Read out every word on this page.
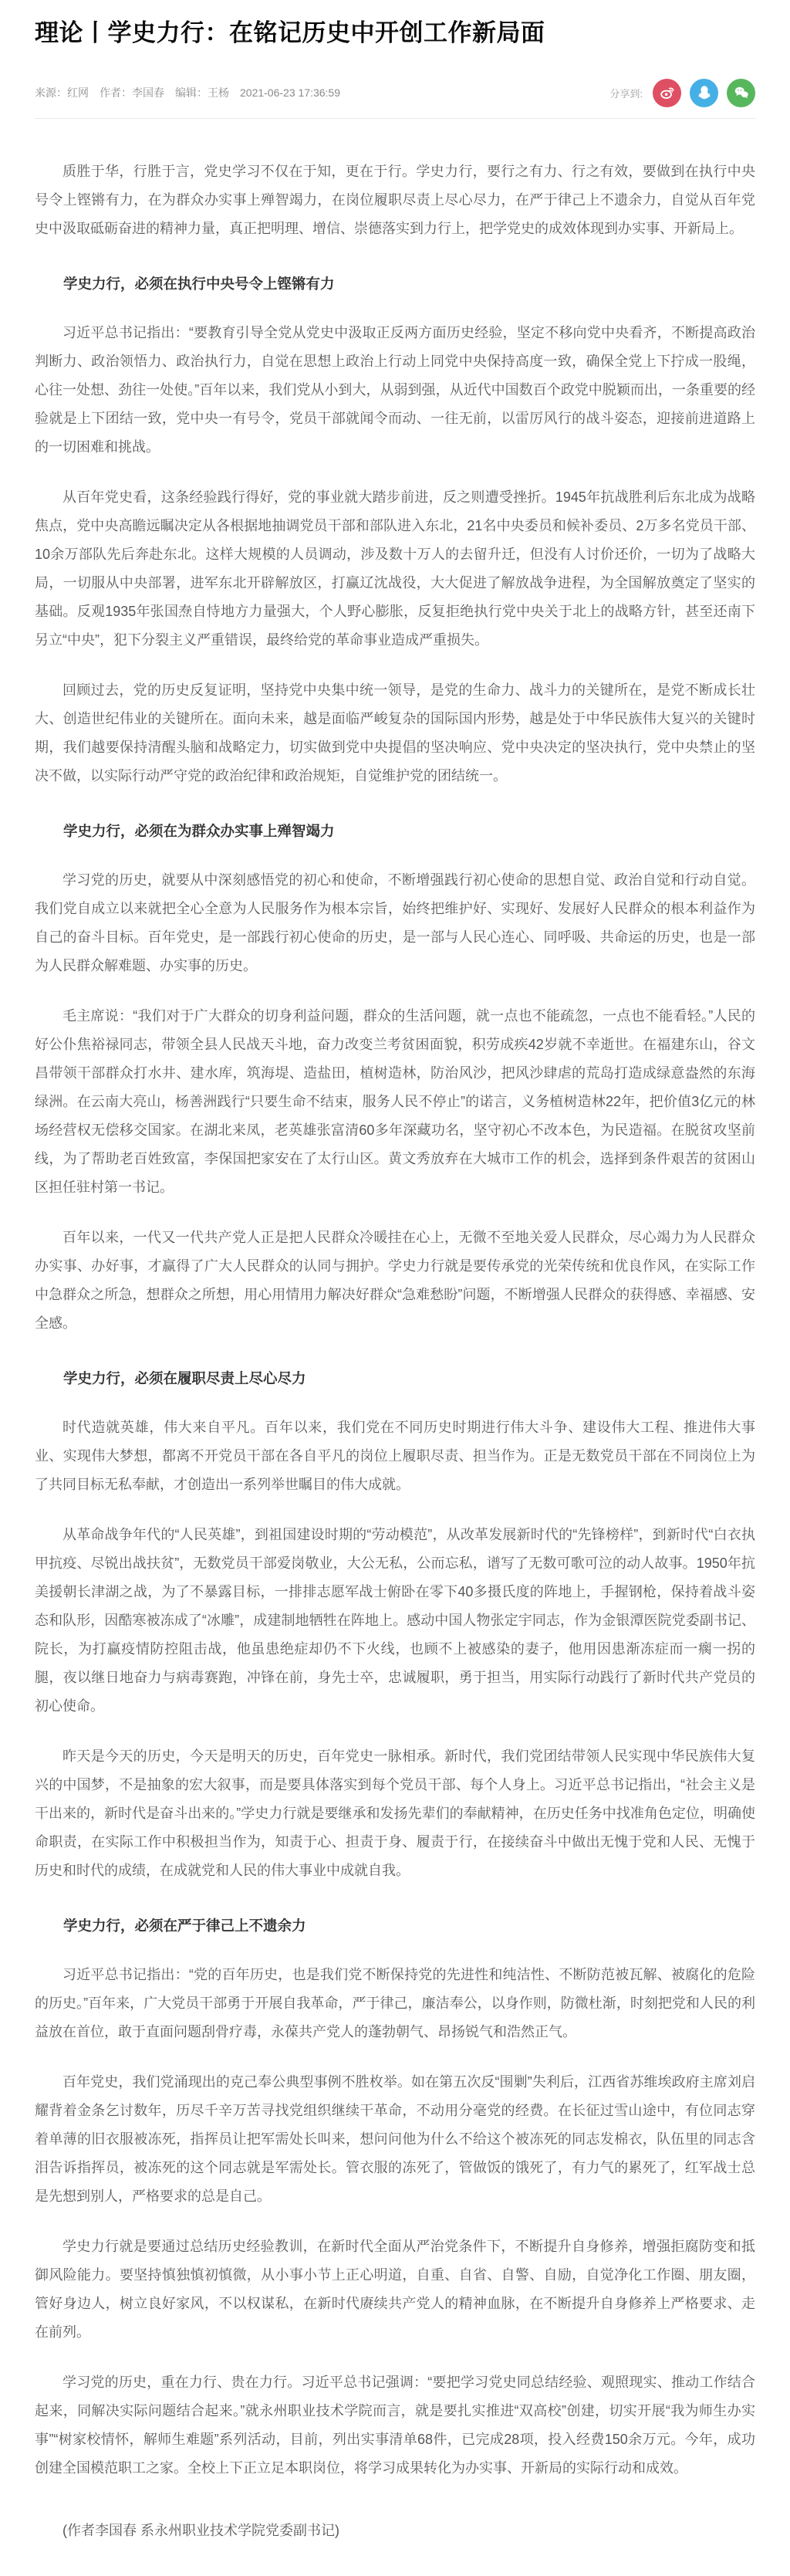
理论丨学史力行：在铭记历史中开创工作新局面
来源：红网 作者：李国春 编辑：王杨 2021-06-23 17:36:59	分享到:

质胜于华，行胜于言，党史学习不仅在于知，更在于行。学史力行，要行之有力、行之有效，要做到在执行中央号令上铿锵有力，在为群众办实事上殚智竭力，在岗位履职尽责上尽心尽力，在严于律己上不遗余力，自觉从百年党史中汲取砥砺奋进的精神力量，真正把明理、增信、崇德落实到力行上，把学党史的成效体现到办实事、开新局上。

学史力行，必须在执行中央号令上铿锵有力

习近平总书记指出：“要教育引导全党从党史中汲取正反两方面历史经验，坚定不移向党中央看齐，不断提高政治判断力、政治领悟力、政治执行力，自觉在思想上政治上行动上同党中央保持高度一致，确保全党上下拧成一股绳，心往一处想、劲往一处使。”百年以来，我们党从小到大，从弱到强，从近代中国数百个政党中脱颖而出，一条重要的经验就是上下团结一致，党中央一有号令，党员干部就闻令而动、一往无前，以雷厉风行的战斗姿态，迎接前进道路上的一切困难和挑战。

从百年党史看，这条经验践行得好，党的事业就大踏步前进，反之则遭受挫折。1945年抗战胜利后东北成为战略焦点，党中央高瞻远瞩决定从各根据地抽调党员干部和部队进入东北，21名中央委员和候补委员、2万多名党员干部、10余万部队先后奔赴东北。这样大规模的人员调动，涉及数十万人的去留升迁，但没有人讨价还价，一切为了战略大局，一切服从中央部署，进军东北开辟解放区，打赢辽沈战役，大大促进了解放战争进程，为全国解放奠定了坚实的基础。反观1935年张国焘自恃地方力量强大，个人野心膨胀，反复拒绝执行党中央关于北上的战略方针，甚至还南下另立“中央”，犯下分裂主义严重错误，最终给党的革命事业造成严重损失。

回顾过去，党的历史反复证明，坚持党中央集中统一领导，是党的生命力、战斗力的关键所在，是党不断成长壮大、创造世纪伟业的关键所在。面向未来，越是面临严峻复杂的国际国内形势，越是处于中华民族伟大复兴的关键时期，我们越要保持清醒头脑和战略定力，切实做到党中央提倡的坚决响应、党中央决定的坚决执行，党中央禁止的坚决不做，以实际行动严守党的政治纪律和政治规矩，自觉维护党的团结统一。

学史力行，必须在为群众办实事上殚智竭力

学习党的历史，就要从中深刻感悟党的初心和使命，不断增强践行初心使命的思想自觉、政治自觉和行动自觉。我们党自成立以来就把全心全意为人民服务作为根本宗旨，始终把维护好、实现好、发展好人民群众的根本利益作为自己的奋斗目标。百年党史，是一部践行初心使命的历史，是一部与人民心连心、同呼吸、共命运的历史，也是一部为人民群众解难题、办实事的历史。

毛主席说：“我们对于广大群众的切身利益问题，群众的生活问题，就一点也不能疏忽，一点也不能看轻。”人民的好公仆焦裕禄同志，带领全县人民战天斗地，奋力改变兰考贫困面貌，积劳成疾42岁就不幸逝世。在福建东山，谷文昌带领干部群众打水井、建水库，筑海堤、造盐田，植树造林，防治风沙，把风沙肆虐的荒岛打造成绿意盎然的东海绿洲。在云南大亮山，杨善洲践行“只要生命不结束，服务人民不停止”的诺言，义务植树造林22年，把价值3亿元的林场经营权无偿移交国家。在湖北来凤，老英雄张富清60多年深藏功名，坚守初心不改本色，为民造福。在脱贫攻坚前线，为了帮助老百姓致富，李保国把家安在了太行山区。黄文秀放弃在大城市工作的机会，选择到条件艰苦的贫困山区担任驻村第一书记。

百年以来，一代又一代共产党人正是把人民群众冷暖挂在心上，无微不至地关爱人民群众，尽心竭力为人民群众办实事、办好事，才赢得了广大人民群众的认同与拥护。学史力行就是要传承党的光荣传统和优良作风，在实际工作中急群众之所急，想群众之所想，用心用情用力解决好群众“急难愁盼”问题，不断增强人民群众的获得感、幸福感、安全感。

学史力行，必须在履职尽责上尽心尽力

时代造就英雄，伟大来自平凡。百年以来，我们党在不同历史时期进行伟大斗争、建设伟大工程、推进伟大事业、实现伟大梦想，都离不开党员干部在各自平凡的岗位上履职尽责、担当作为。正是无数党员干部在不同岗位上为了共同目标无私奉献，才创造出一系列举世瞩目的伟大成就。

从革命战争年代的“人民英雄”，到祖国建设时期的“劳动模范”，从改革发展新时代的“先锋榜样”，到新时代“白衣执甲抗疫、尽锐出战扶贫”，无数党员干部爱岗敬业，大公无私，公而忘私，谱写了无数可歌可泣的动人故事。1950年抗美援朝长津湖之战，为了不暴露目标，一排排志愿军战士俯卧在零下40多摄氏度的阵地上，手握钢枪，保持着战斗姿态和队形，因酷寒被冻成了“冰雕”，成建制地牺牲在阵地上。感动中国人物张定宇同志，作为金银潭医院党委副书记、院长，为打赢疫情防控阻击战，他虽患绝症却仍不下火线，也顾不上被感染的妻子，他用因患渐冻症而一瘸一拐的腿，夜以继日地奋力与病毒赛跑，冲锋在前，身先士卒，忠诚履职，勇于担当，用实际行动践行了新时代共产党员的初心使命。

昨天是今天的历史，今天是明天的历史，百年党史一脉相承。新时代，我们党团结带领人民实现中华民族伟大复兴的中国梦，不是抽象的宏大叙事，而是要具体落实到每个党员干部、每个人身上。习近平总书记指出，“社会主义是干出来的，新时代是奋斗出来的。”学史力行就是要继承和发扬先辈们的奉献精神，在历史任务中找准角色定位，明确使命职责，在实际工作中积极担当作为，知责于心、担责于身、履责于行，在接续奋斗中做出无愧于党和人民、无愧于历史和时代的成绩，在成就党和人民的伟大事业中成就自我。

学史力行，必须在严于律己上不遗余力

习近平总书记指出：“党的百年历史，也是我们党不断保持党的先进性和纯洁性、不断防范被瓦解、被腐化的危险的历史。”百年来，广大党员干部勇于开展自我革命，严于律己，廉洁奉公，以身作则，防微杜渐，时刻把党和人民的利益放在首位，敢于直面问题刮骨疗毒，永葆共产党人的蓬勃朝气、昂扬锐气和浩然正气。

百年党史，我们党涌现出的克己奉公典型事例不胜枚举。如在第五次反“围剿”失利后，江西省苏维埃政府主席刘启耀背着金条乞讨数年，历尽千辛万苦寻找党组织继续干革命，不动用分毫党的经费。在长征过雪山途中，有位同志穿着单薄的旧衣服被冻死，指挥员让把军需处长叫来，想问问他为什么不给这个被冻死的同志发棉衣，队伍里的同志含泪告诉指挥员，被冻死的这个同志就是军需处长。管衣服的冻死了，管做饭的饿死了，有力气的累死了，红军战士总是先想到别人，严格要求的总是自己。

学史力行就是要通过总结历史经验教训，在新时代全面从严治党条件下，不断提升自身修养，增强拒腐防变和抵御风险能力。要坚持慎独慎初慎微，从小事小节上正心明道，自重、自省、自警、自励，自觉净化工作圈、朋友圈，管好身边人，树立良好家风，不以权谋私，在新时代赓续共产党人的精神血脉，在不断提升自身修养上严格要求、走在前列。

学习党的历史，重在力行、贵在力行。习近平总书记强调：“要把学习党史同总结经验、观照现实、推动工作结合起来，同解决实际问题结合起来。”就永州职业技术学院而言，就是要扎实推进“双高校”创建，切实开展“我为师生办实事”“树家校情怀，解师生难题”系列活动，目前，列出实事清单68件，已完成28项，投入经费150余万元。今年，成功创建全国模范职工之家。全校上下正立足本职岗位，将学习成果转化为办实事、开新局的实际行动和成效。

(作者李国春 系永州职业技术学院党委副书记)
